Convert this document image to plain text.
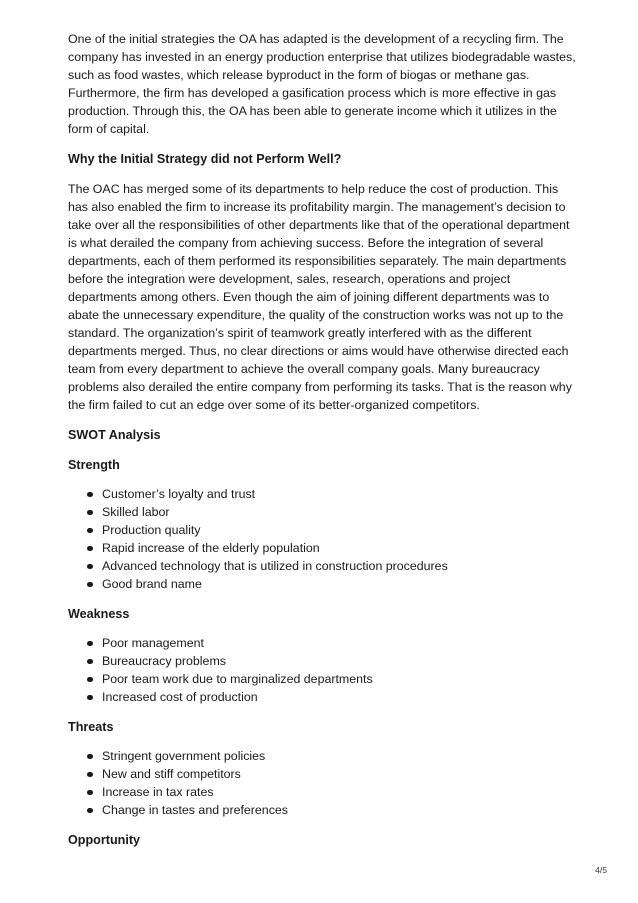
One of the initial strategies the OA has adapted is the development of a recycling firm. The company has invested in an energy production enterprise that utilizes biodegradable wastes, such as food wastes, which release byproduct in the form of biogas or methane gas. Furthermore, the firm has developed a gasification process which is more effective in gas production. Through this, the OA has been able to generate income which it utilizes in the form of capital.

Why the Initial Strategy did not Perform Well?

The OAC has merged some of its departments to help reduce the cost of production. This has also enabled the firm to increase its profitability margin. The management’s decision to take over all the responsibilities of other departments like that of the operational department is what derailed the company from achieving success. Before the integration of several departments, each of them performed its responsibilities separately. The main departments before the integration were development, sales, research, operations and project departments among others. Even though the aim of joining different departments was to abate the unnecessary expenditure, the quality of the construction works was not up to the standard. The organization’s spirit of teamwork greatly interfered with as the different departments merged. Thus, no clear directions or aims would have otherwise directed each team from every department to achieve the overall company goals. Many bureaucracy problems also derailed the entire company from performing its tasks. That is the reason why the firm failed to cut an edge over some of its better-organized competitors.

SWOT Analysis
Strength
Customer’s loyalty and trust
Skilled labor
Production quality
Rapid increase of the elderly population
Advanced technology that is utilized in construction procedures
Good brand name
Weakness
Poor management
Bureaucracy problems
Poor team work due to marginalized departments
Increased cost of production
Threats
Stringent government policies
New and stiff competitors
Increase in tax rates
Change in tastes and preferences
Opportunity
4/5
